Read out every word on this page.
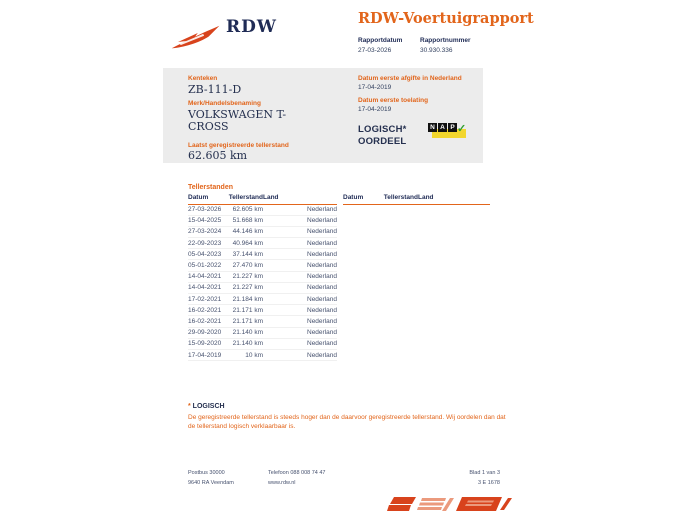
RDW	RDW-Voertuigrapport
Rapportdatum
27-03-2026
Rapportnummer
30.930.336
Kenteken
ZB-111-D
Merk/Handelsbenaming
VOLKSWAGEN T-CROSS
Laatst geregistreerde tellerstand
62.605 km
Datum eerste afgifte in Nederland
17-04-2019
Datum eerste toelating
17-04-2019
LOGISCH*
OORDEEL
N A P ✓
Tellerstanden
Datum	Tellerstand	Land
27-03-2026	62.605 km	Nederland
15-04-2025	51.668 km	Nederland
27-03-2024	44.146 km	Nederland
22-09-2023	40.964 km	Nederland
05-04-2023	37.144 km	Nederland
05-01-2022	27.470 km	Nederland
14-04-2021	21.227 km	Nederland
14-04-2021	21.227 km	Nederland
17-02-2021	21.184 km	Nederland
16-02-2021	21.171 km	Nederland
16-02-2021	21.171 km	Nederland
29-09-2020	21.140 km	Nederland
15-09-2020	21.140 km	Nederland
17-04-2019	10 km	Nederland
Datum	Tellerstand	Land
* LOGISCH
De geregistreerde tellerstand is steeds hoger dan de daarvoor geregistreerde tellerstand. Wij oordelen dan dat de tellerstand logisch verklaarbaar is.
Postbus 30000
9640 RA Veendam
Telefoon 088 008 74 47
www.rdw.nl
Blad 1 van 3
3 E 1678
